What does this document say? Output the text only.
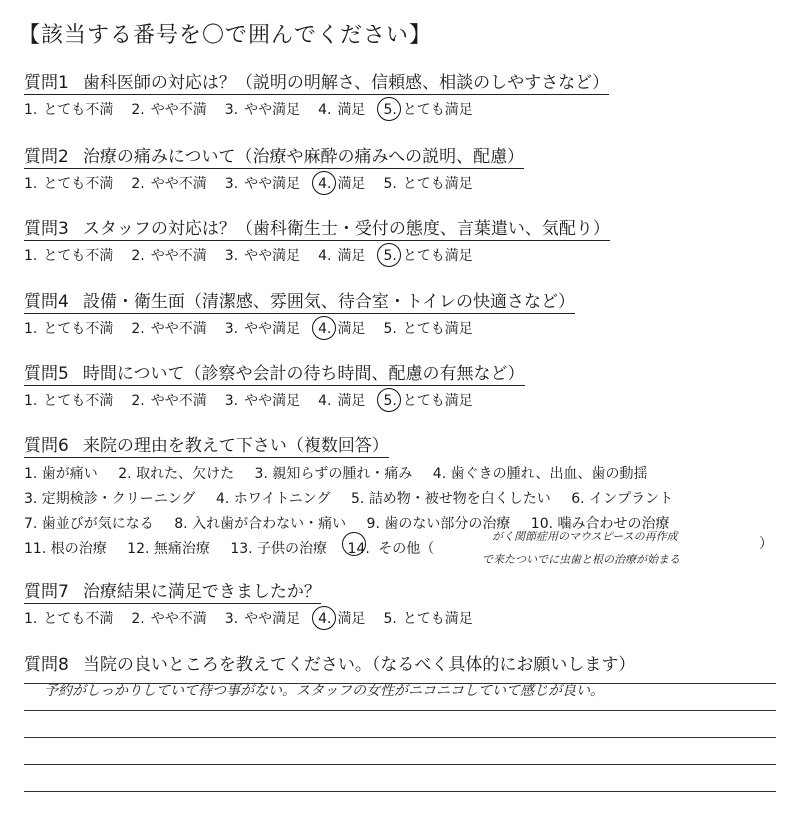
【該当する番号を〇で囲んでください】
質問1 歯科医師の対応は？（説明の明解さ、信頼感、相談のしやすさなど）
1. とても不満 2. やや不満 3. やや満足 4. 満足 5. とても満足
質問2 治療の痛みについて（治療や麻酔の痛みへの説明、配慮）
1. とても不満 2. やや不満 3. やや満足 4. 満足 5. とても満足
質問3 スタッフの対応は？（歯科衛生士・受付の態度、言葉遣い、気配り）
1. とても不満 2. やや不満 3. やや満足 4. 満足 5. とても満足
質問4 設備・衛生面（清潔感、雰囲気、待合室・トイレの快適さなど）
1. とても不満 2. やや不満 3. やや満足 4. 満足 5. とても満足
質問5 時間について（診察や会計の待ち時間、配慮の有無など）
1. とても不満 2. やや不満 3. やや満足 4. 満足 5. とても満足
質問6 来院の理由を教えて下さい（複数回答）
1. 歯が痛い 2. 取れた、欠けた 3. 親知らずの腫れ・痛み 4. 歯ぐきの腫れ、出血、歯の動揺
3. 定期検診・クリーニング 4. ホワイトニング 5. 詰め物・被せ物を白くしたい 6. インプラント
7. 歯並びが気になる 8. 入れ歯が合わない・痛い 9. 歯のない部分の治療 10. 噛み合わせの治療
11. 根の治療 12. 無痛治療 13. 子供の治療 14. その他（
がく関節症用のマウスピースの再作成	）
で来たついでに虫歯と根の治療が始まる
質問7 治療結果に満足できましたか？
1. とても不満 2. やや不満 3. やや満足 4. 満足 5. とても満足
質問8 当院の良いところを教えてください。（なるべく具体的にお願いします）
予約がしっかりしていて待つ事がない。スタッフの女性がニコニコしていて感じが良い。
